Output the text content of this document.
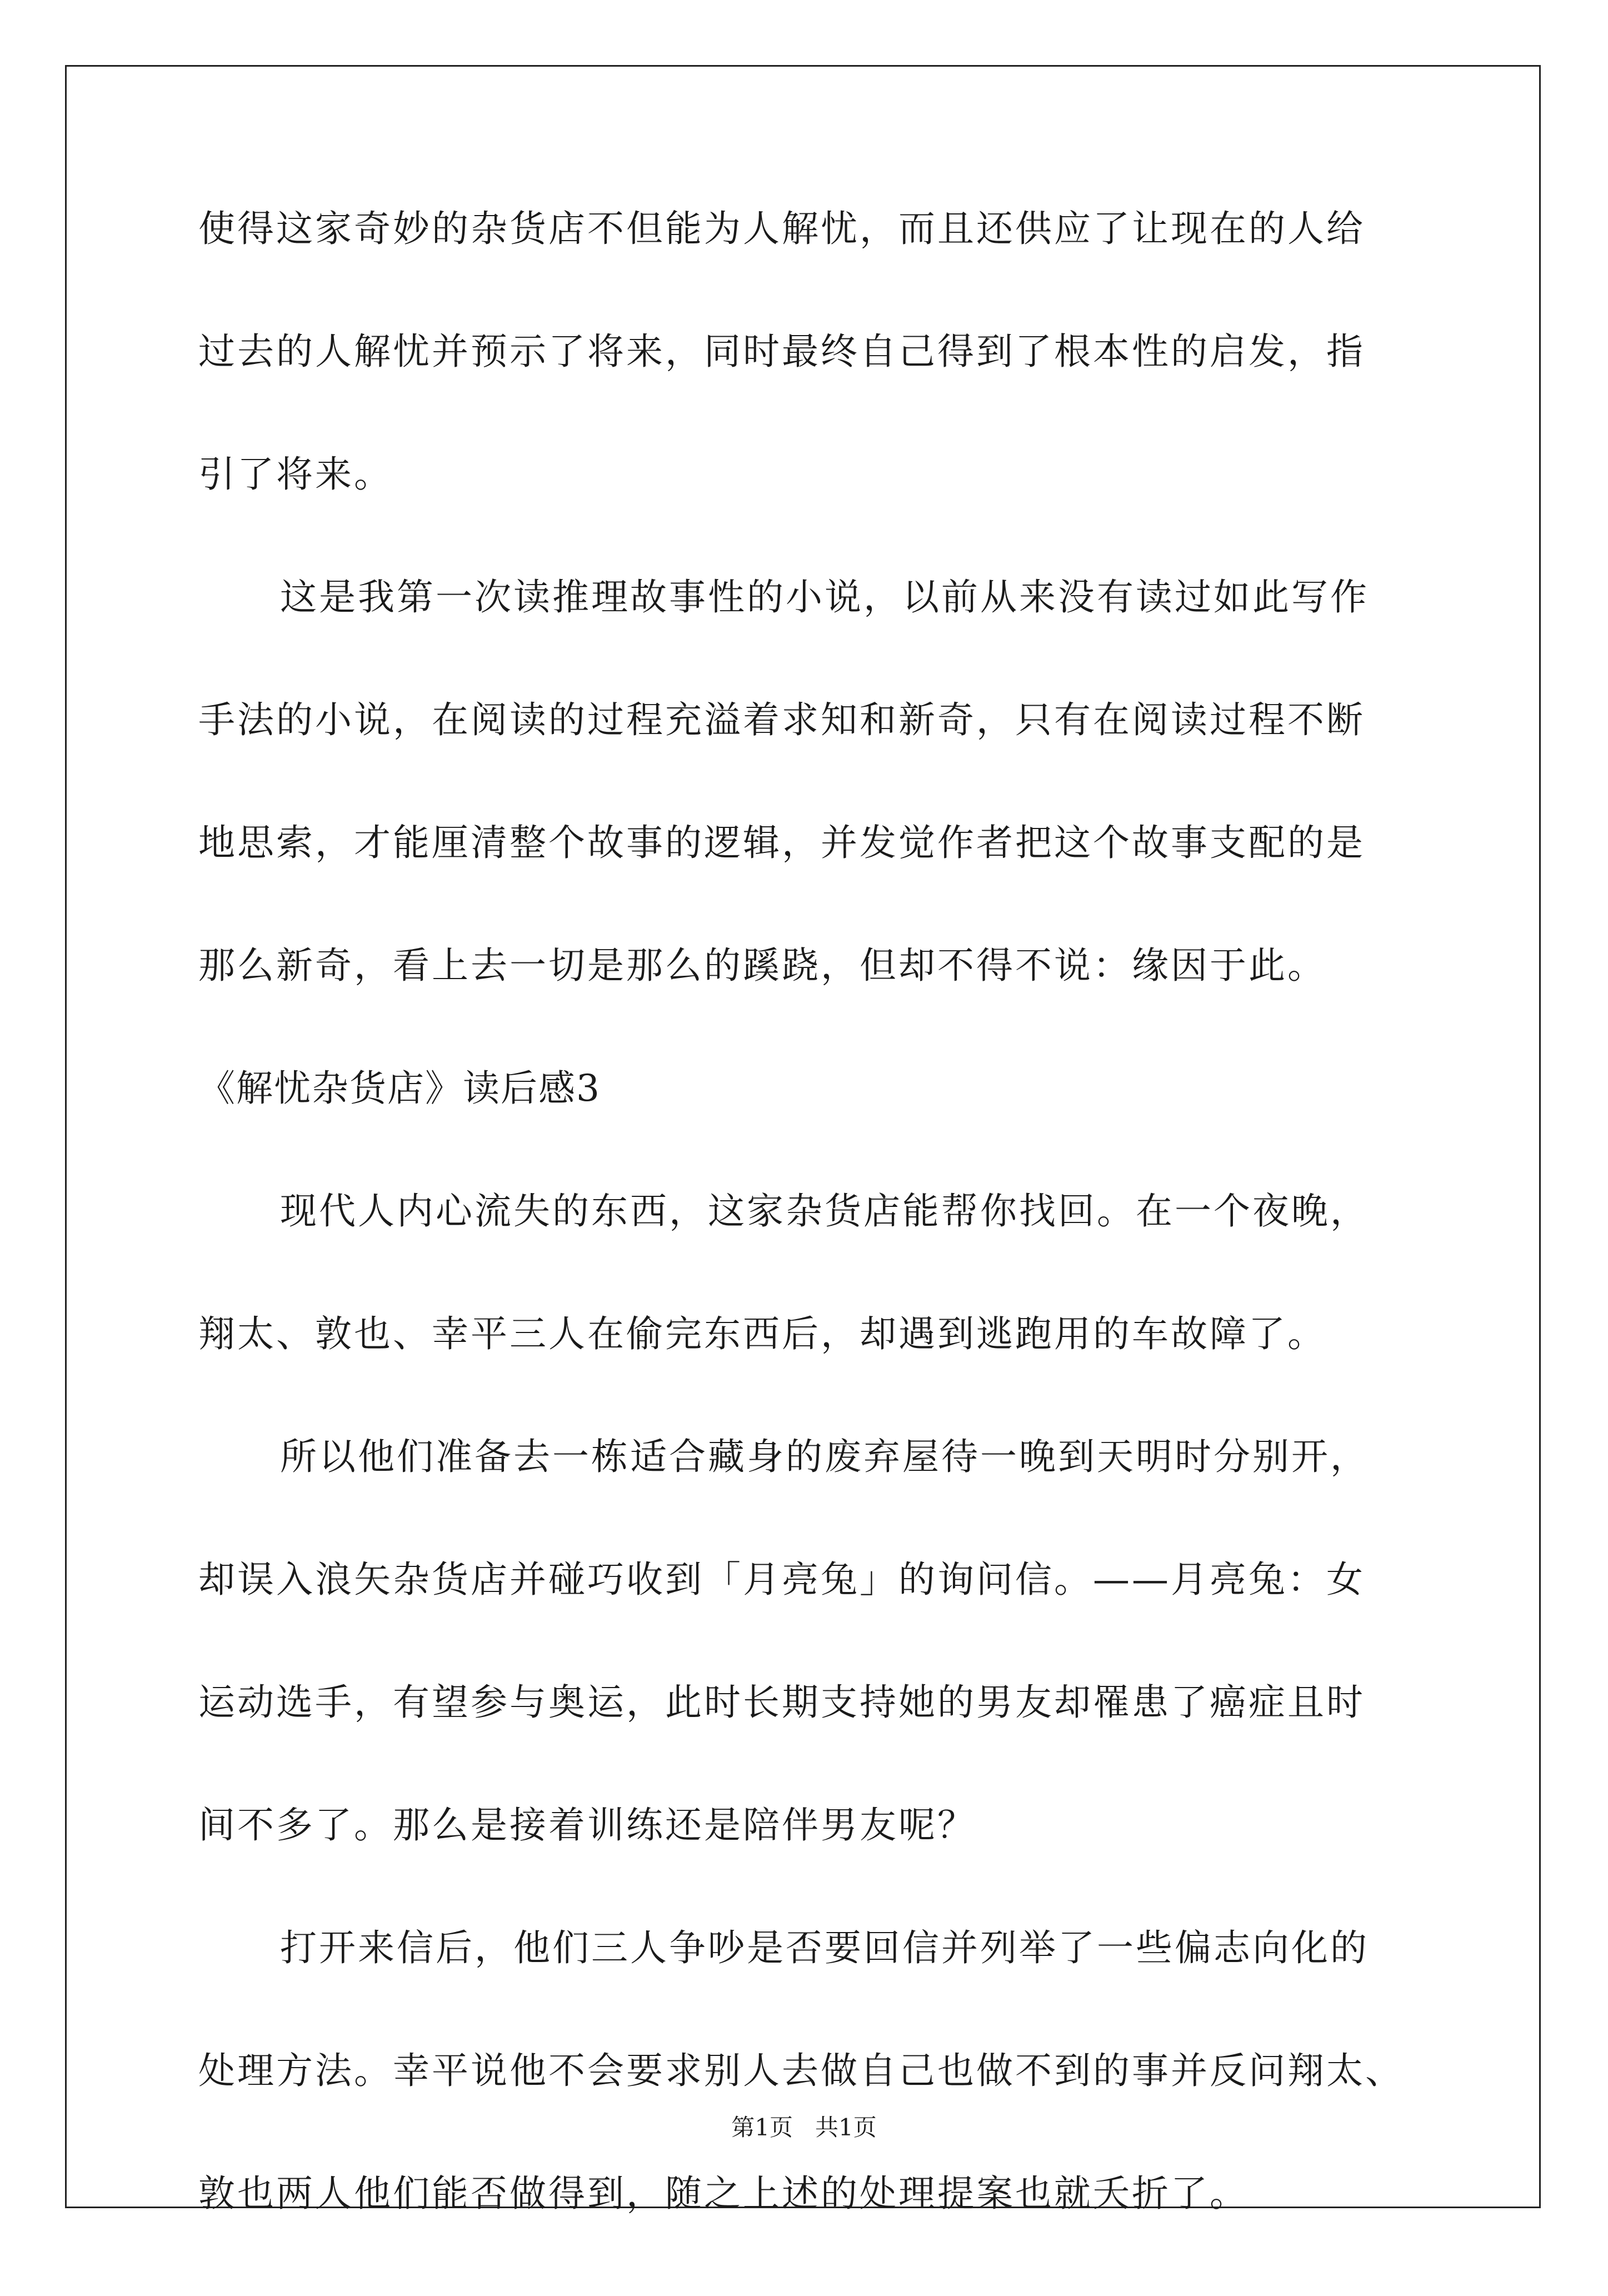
使得这家奇妙的杂货店不但能为人解忧，而且还供应了让现在的人给
过去的人解忧并预示了将来，同时最终自己得到了根本性的启发，指
引了将来。
这是我第一次读推理故事性的小说，以前从来没有读过如此写作
手法的小说，在阅读的过程充溢着求知和新奇，只有在阅读过程不断
地思索，才能厘清整个故事的逻辑，并发觉作者把这个故事支配的是
那么新奇，看上去一切是那么的蹊跷，但却不得不说：缘因于此。
《解忧杂货店》读后感3
现代人内心流失的东西，这家杂货店能帮你找回。在一个夜晚，
翔太、敦也、幸平三人在偷完东西后，却遇到逃跑用的车故障了。
所以他们准备去一栋适合藏身的废弃屋待一晚到天明时分别开，
却误入浪矢杂货店并碰巧收到「月亮兔」的询问信。——月亮兔：女
运动选手，有望参与奥运，此时长期支持她的男友却罹患了癌症且时
间不多了。那么是接着训练还是陪伴男友呢？
打开来信后，他们三人争吵是否要回信并列举了一些偏志向化的
处理方法。幸平说他不会要求别人去做自己也做不到的事并反问翔太、
敦也两人他们能否做得到，随之上述的处理提案也就夭折了。
第1页 共1页
